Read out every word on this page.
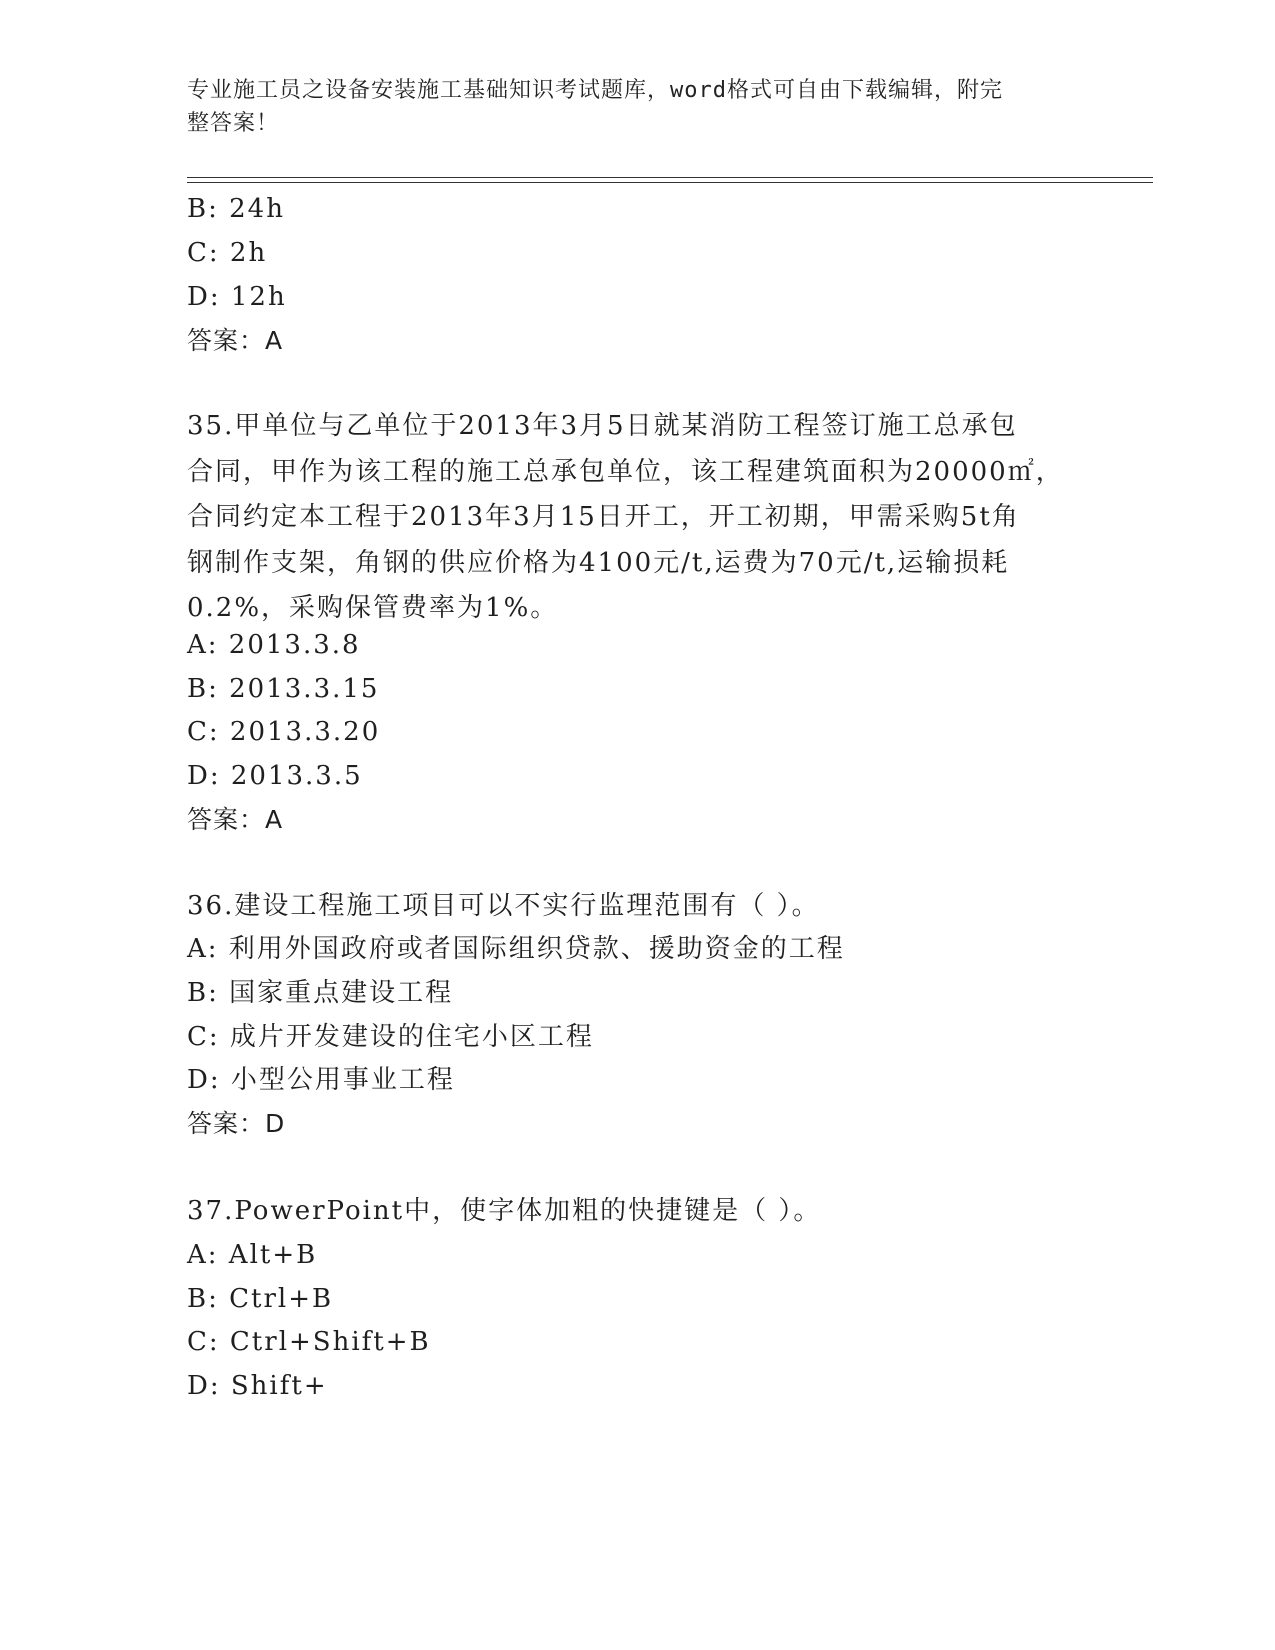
专业施工员之设备安装施工基础知识考试题库，word格式可自由下载编辑，附完
整答案！
B: 24h
C: 2h
D: 12h
答案：A
35.甲单位与乙单位于2013年3月5日就某消防工程签订施工总承包
合同，甲作为该工程的施工总承包单位，该工程建筑面积为20000㎡，
合同约定本工程于2013年3月15日开工，开工初期，甲需采购5t角
钢制作支架，角钢的供应价格为4100元/t,运费为70元/t,运输损耗
0.2%，采购保管费率为1%。
A: 2013.3.8
B: 2013.3.15
C: 2013.3.20
D: 2013.3.5
答案：A
36.建设工程施工项目可以不实行监理范围有（ ）。
A: 利用外国政府或者国际组织贷款、援助资金的工程
B: 国家重点建设工程
C: 成片开发建设的住宅小区工程
D: 小型公用事业工程
答案：D
37.PowerPoint中，使字体加粗的快捷键是（ ）。
A: Alt+B
B: Ctrl+B
C: Ctrl+Shift+B
D: Shift+
